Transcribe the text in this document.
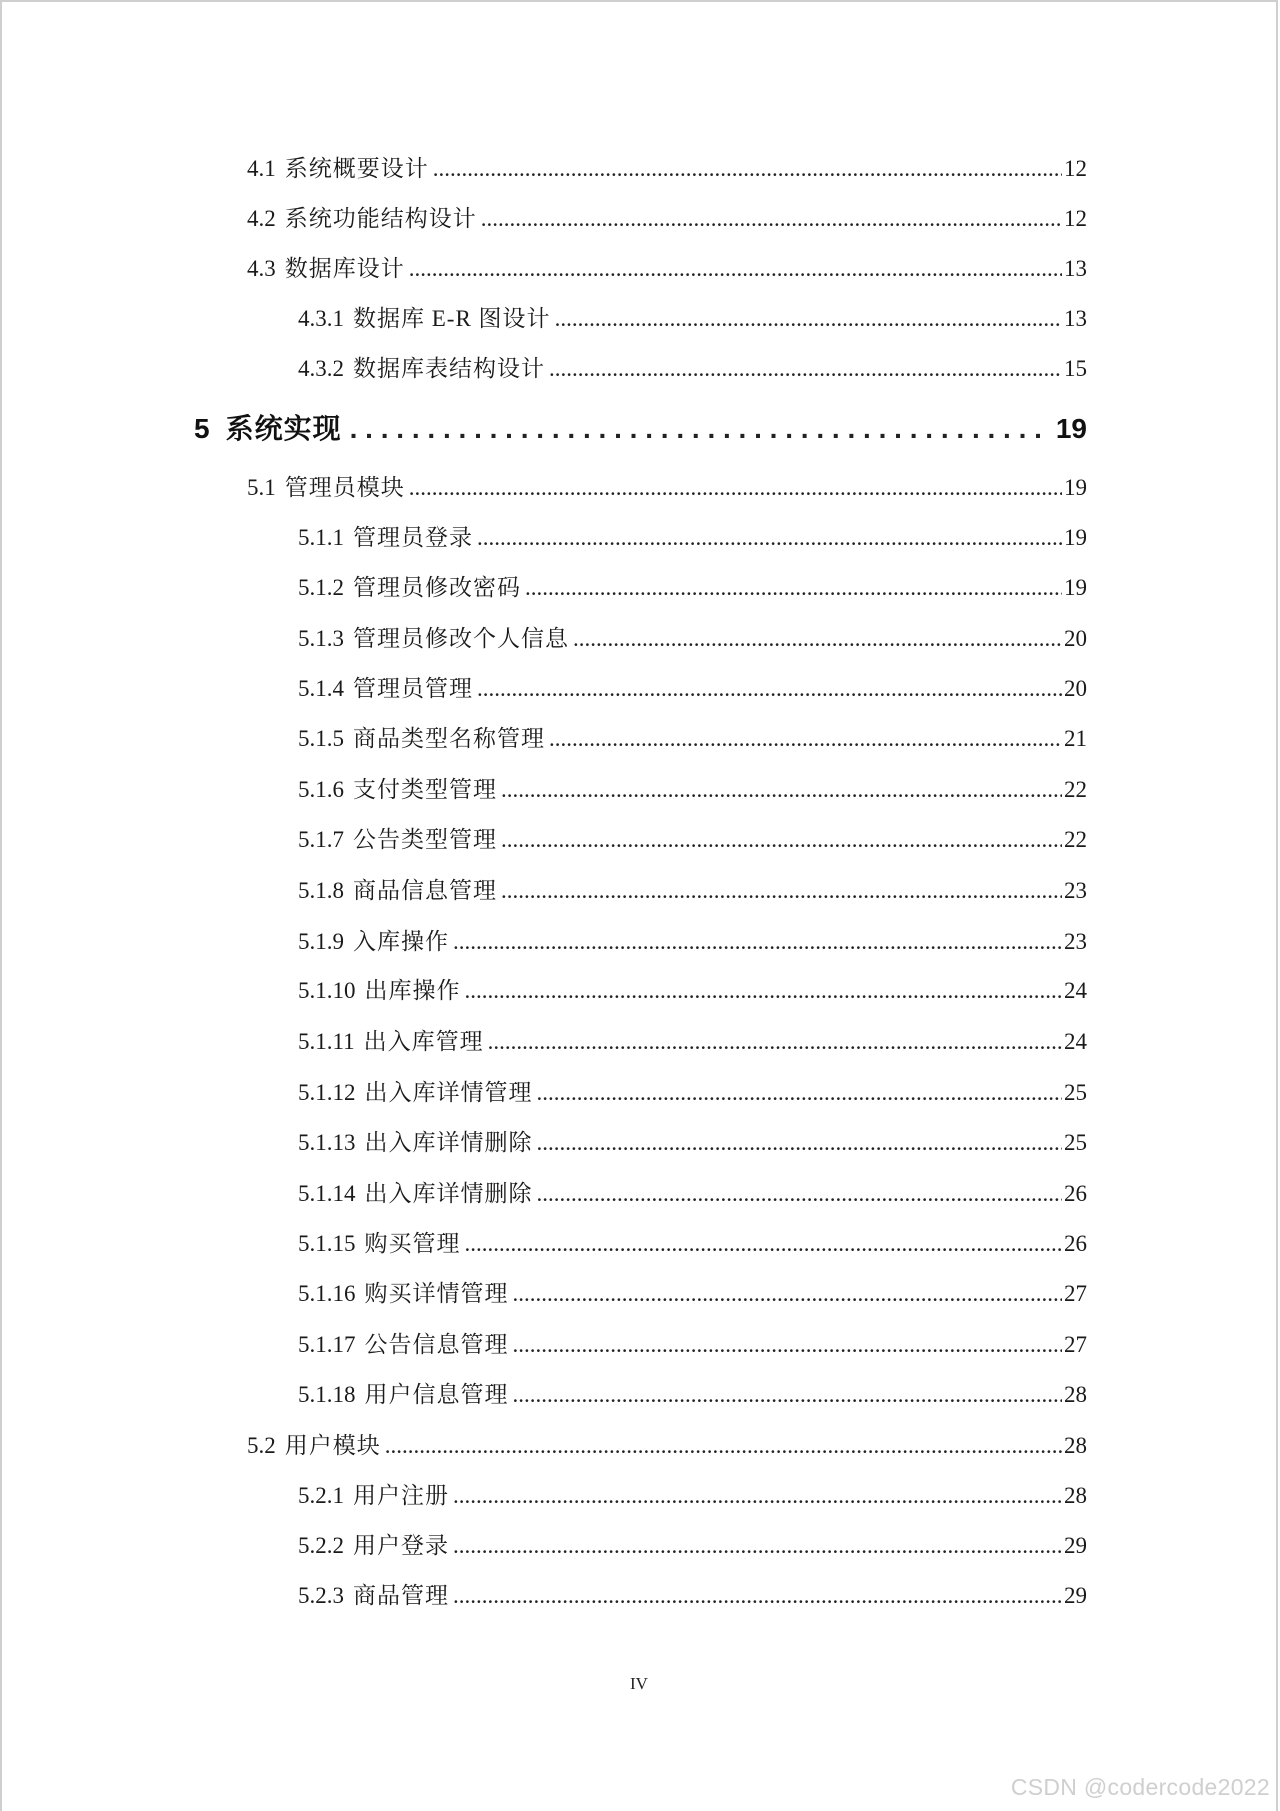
4.1 系统概要设计 .....	12
4.2 系统功能结构设计 .....	12
4.3 数据库设计 .....	13
4.3.1 数据库 E-R 图设计 .....	13
4.3.2 数据库表结构设计 .....	15
5 系统实现 . . .	19
5.1 管理员模块 .....	19
5.1.1 管理员登录 .....	19
5.1.2 管理员修改密码 .....	19
5.1.3 管理员修改个人信息 .....	20
5.1.4 管理员管理 .....	20
5.1.5 商品类型名称管理 .....	21
5.1.6 支付类型管理 .....	22
5.1.7 公告类型管理 .....	22
5.1.8 商品信息管理 .....	23
5.1.9 入库操作 .....	23
5.1.10 出库操作 .....	24
5.1.11 出入库管理 .....	24
5.1.12 出入库详情管理 .....	25
5.1.13 出入库详情删除 .....	25
5.1.14 出入库详情删除 .....	26
5.1.15 购买管理 .....	26
5.1.16 购买详情管理 .....	27
5.1.17 公告信息管理 .....	27
5.1.18 用户信息管理 .....	28
5.2 用户模块 .....	28
5.2.1 用户注册 .....	28
5.2.2 用户登录 .....	29
5.2.3 商品管理 .....	29
IV
CSDN @codercode2022
